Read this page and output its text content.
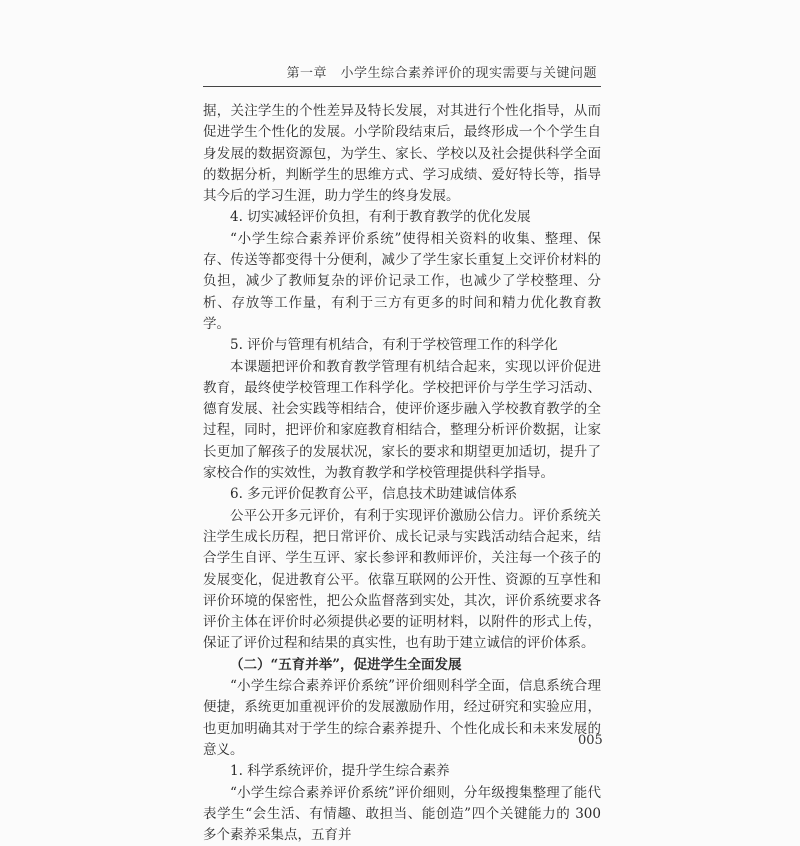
第一章　小学生综合素养评价的现实需要与关键问题

据，关注学生的个性差异及特长发展，对其进行个性化指导，从而促进学生个性化的发展。小学阶段结束后，最终形成一个个学生自身发展的数据资源包，为学生、家长、学校以及社会提供科学全面的数据分析，判断学生的思维方式、学习成绩、爱好特长等，指导其今后的学习生涯，助力学生的终身发展。

4. 切实减轻评价负担，有利于教育教学的优化发展

“小学生综合素养评价系统”使得相关资料的收集、整理、保存、传送等都变得十分便利，减少了学生家长重复上交评价材料的负担，减少了教师复杂的评价记录工作，也减少了学校整理、分析、存放等工作量，有利于三方有更多的时间和精力优化教育教学。

5. 评价与管理有机结合，有利于学校管理工作的科学化

本课题把评价和教育教学管理有机结合起来，实现以评价促进教育，最终使学校管理工作科学化。学校把评价与学生学习活动、德育发展、社会实践等相结合，使评价逐步融入学校教育教学的全过程，同时，把评价和家庭教育相结合，整理分析评价数据，让家长更加了解孩子的发展状况，家长的要求和期望更加适切，提升了家校合作的实效性，为教育教学和学校管理提供科学指导。

6. 多元评价促教育公平，信息技术助建诚信体系

公平公开多元评价，有利于实现评价激励公信力。评价系统关注学生成长历程，把日常评价、成长记录与实践活动结合起来，结合学生自评、学生互评、家长参评和教师评价，关注每一个孩子的发展变化，促进教育公平。依靠互联网的公开性、资源的互享性和评价环境的保密性，把公众监督落到实处，其次，评价系统要求各评价主体在评价时必须提供必要的证明材料，以附件的形式上传，保证了评价过程和结果的真实性，也有助于建立诚信的评价体系。

（二）“五育并举”，促进学生全面发展

“小学生综合素养评价系统”评价细则科学全面，信息系统合理便捷，系统更加重视评价的发展激励作用，经过研究和实验应用，也更加明确其对于学生的综合素养提升、个性化成长和未来发展的意义。

1. 科学系统评价，提升学生综合素养

“小学生综合素养评价系统”评价细则，分年级搜集整理了能代表学生“会生活、有情趣、敢担当、能创造”四个关键能力的 300 多个素养采集点，五育并

005
